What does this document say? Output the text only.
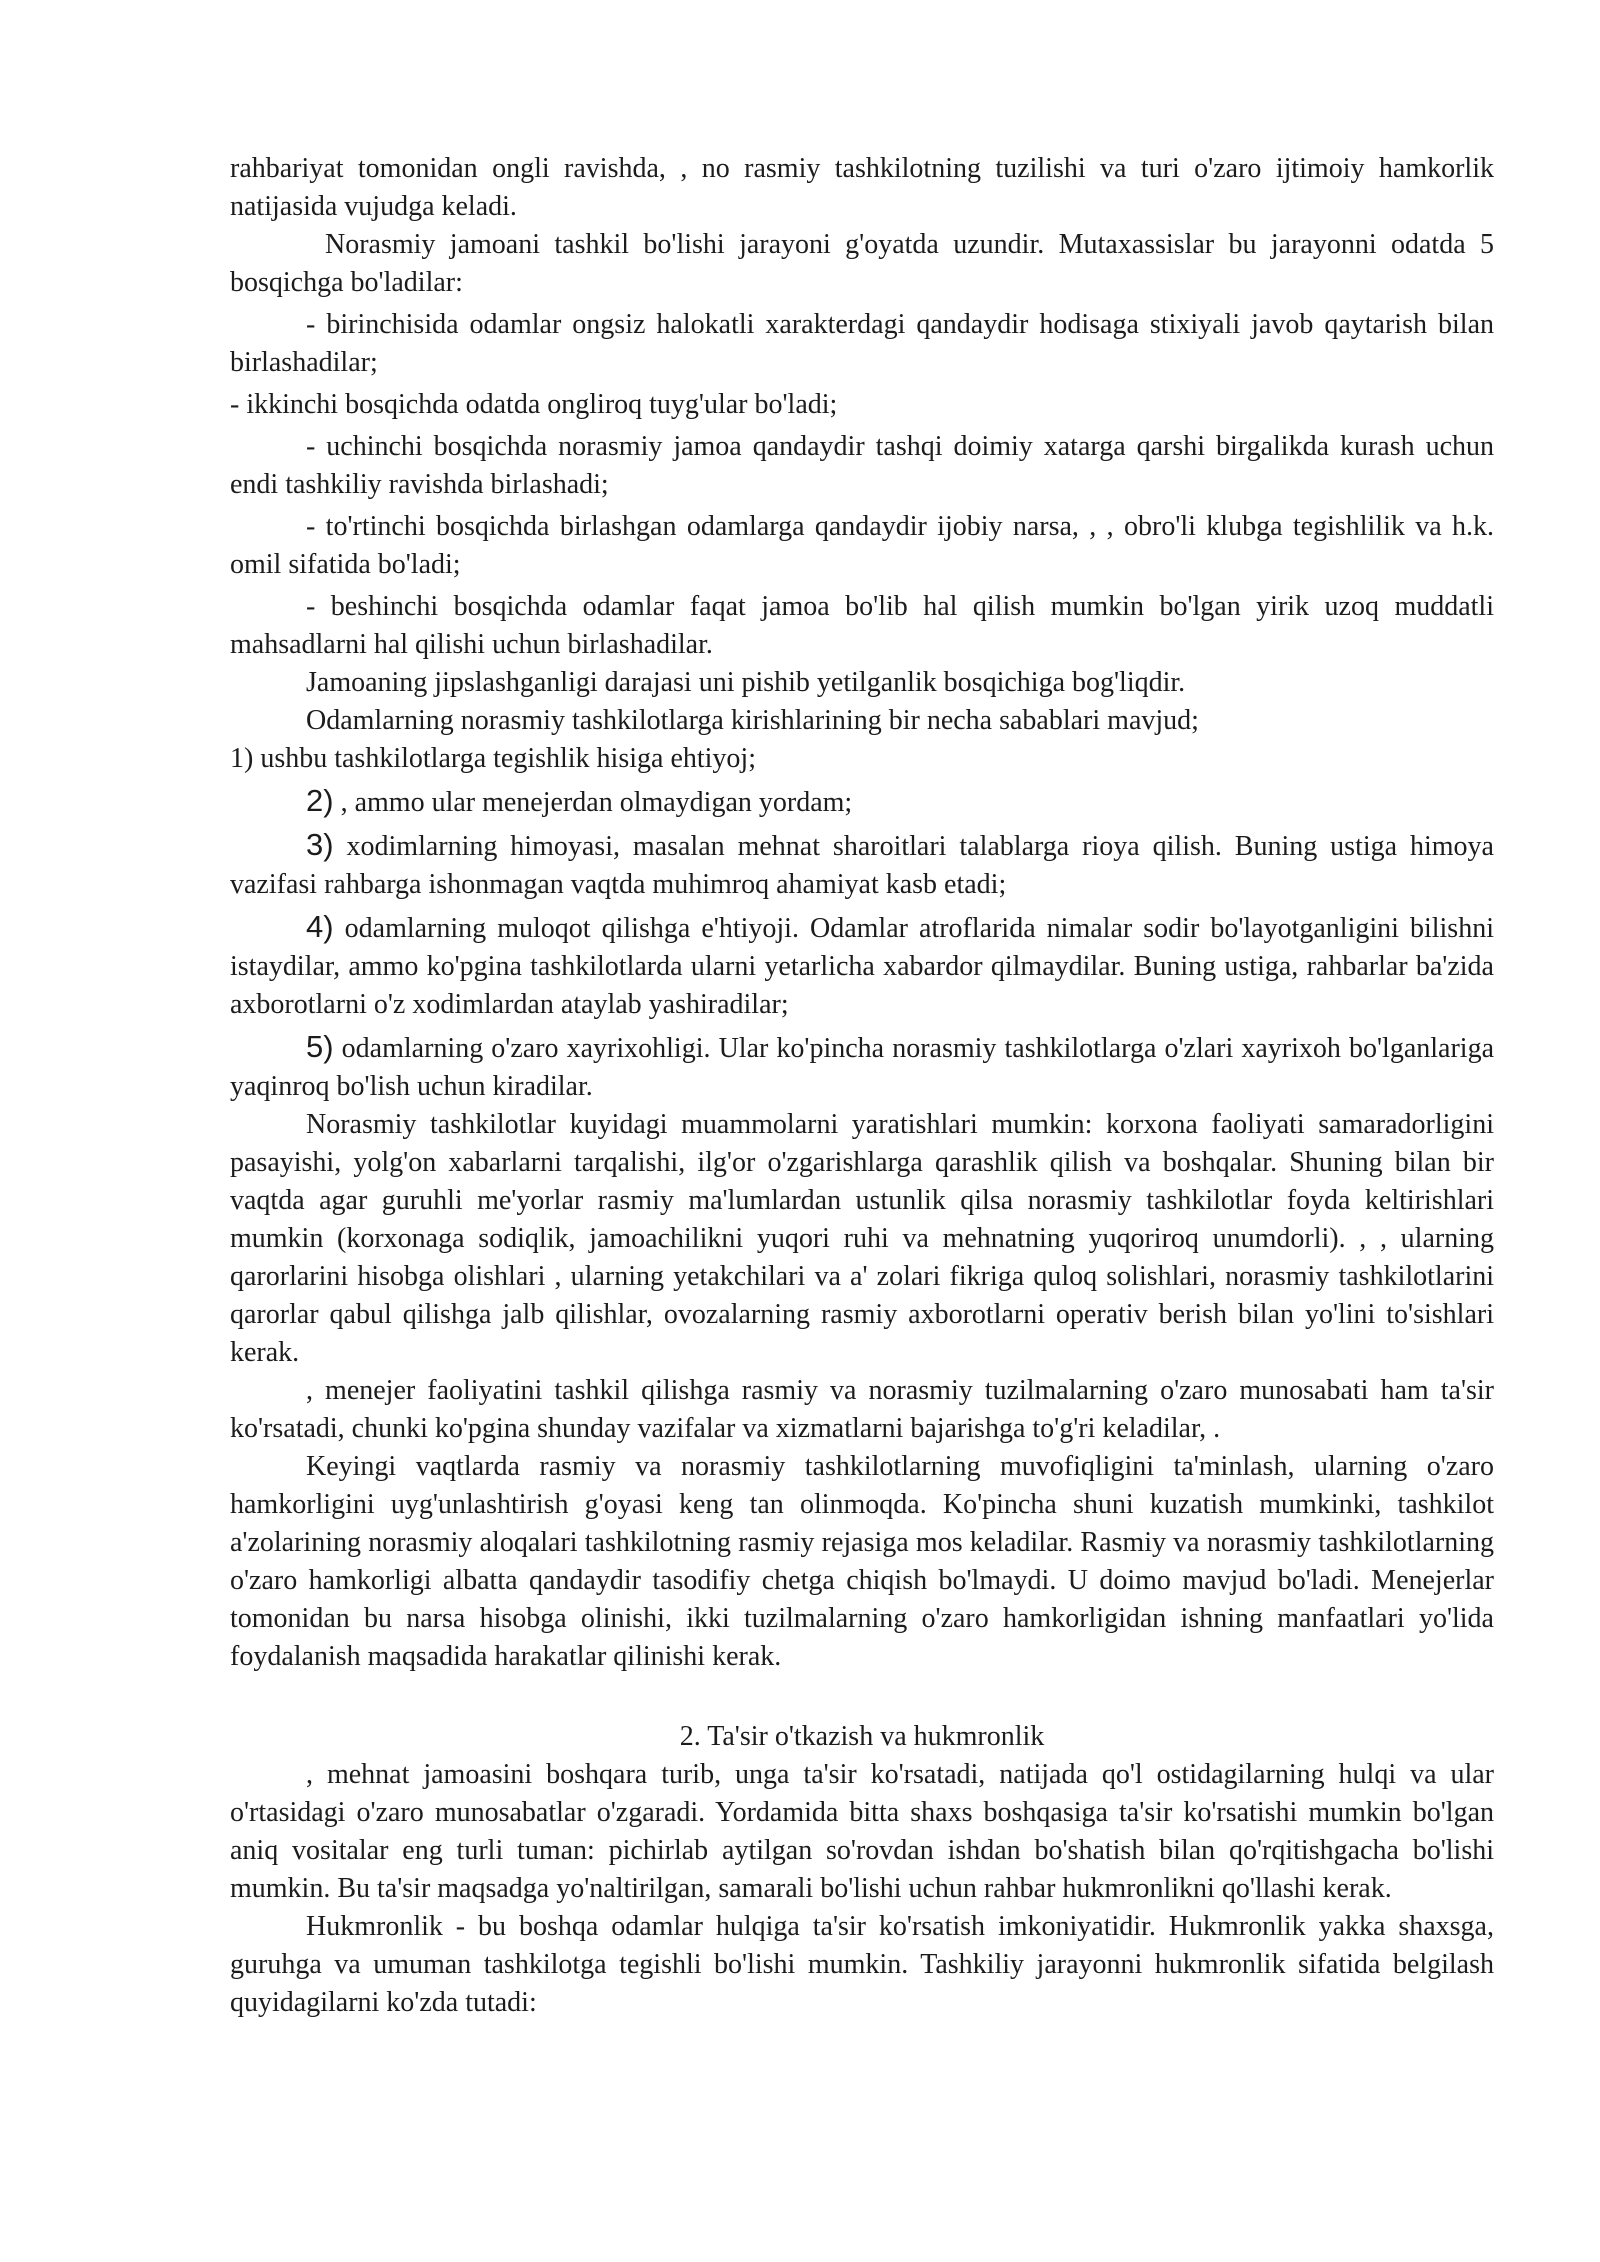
rahbariyat tomonidan ongli ravishda, , no rasmiy tashkilotning tuzilishi va turi o'zaro ijtimoiy hamkorlik natijasida vujudga keladi.

Norasmiy jamoani tashkil bo'lishi jarayoni g'oyatda uzundir. Mutaxassislar bu jarayonni odatda 5 bosqichga bo'ladilar:

- birinchisida odamlar ongsiz halokatli xarakterdagi qandaydir hodisaga stixiyali javob qaytarish bilan birlashadilar;

- ikkinchi bosqichda odatda ongliroq tuyg'ular bo'ladi;

- uchinchi bosqichda norasmiy jamoa qandaydir tashqi doimiy xatarga qarshi birgalikda kurash uchun endi tashkiliy ravishda birlashadi;

- to'rtinchi bosqichda birlashgan odamlarga qandaydir ijobiy narsa, , , obro'li klubga tegishlilik va h.k. omil sifatida bo'ladi;

- beshinchi bosqichda odamlar faqat jamoa bo'lib hal qilish mumkin bo'lgan yirik uzoq muddatli mahsadlarni hal qilishi uchun birlashadilar.

Jamoaning jipslashganligi darajasi uni pishib yetilganlik bosqichiga bog'liqdir.

Odamlarning norasmiy tashkilotlarga kirishlarining bir necha sabablari mavjud;

1) ushbu tashkilotlarga tegishlik hisiga ehtiyoj;

2) , ammo ular menejerdan olmaydigan yordam;

3) xodimlarning himoyasi, masalan mehnat sharoitlari talablarga rioya qilish. Buning ustiga himoya vazifasi rahbarga ishonmagan vaqtda muhimroq ahamiyat kasb etadi;

4) odamlarning muloqot qilishga e'htiyoji. Odamlar atroflarida nimalar sodir bo'layotganligini bilishni istaydilar, ammo ko'pgina tashkilotlarda ularni yetarlicha xabardor qilmaydilar. Buning ustiga, rahbarlar ba'zida axborotlarni o'z xodimlardan ataylab yashiradilar;

5) odamlarning o'zaro xayrixohligi. Ular ko'pincha norasmiy tashkilotlarga o'zlari xayrixoh bo'lganlariga yaqinroq bo'lish uchun kiradilar.

Norasmiy tashkilotlar kuyidagi muammolarni yaratishlari mumkin: korxona faoliyati samaradorligini pasayishi, yolg'on xabarlarni tarqalishi, ilg'or o'zgarishlarga qarashlik qilish va boshqalar. Shuning bilan bir vaqtda agar guruhli me'yorlar rasmiy ma'lumlardan ustunlik qilsa norasmiy tashkilotlar foyda keltirishlari mumkin (korxonaga sodiqlik, jamoachilikni yuqori ruhi va mehnatning yuqoriroq unumdorli). , , ularning qarorlarini hisobga olishlari , ularning yetakchilari va a' zolari fikriga quloq solishlari, norasmiy tashkilotlarini qarorlar qabul qilishga jalb qilishlar, ovozalarning rasmiy axborotlarni operativ berish bilan yo'lini to'sishlari kerak.

, menejer faoliyatini tashkil qilishga rasmiy va norasmiy tuzilmalarning o'zaro munosabati ham ta'sir ko'rsatadi, chunki ko'pgina shunday vazifalar va xizmatlarni bajarishga to'g'ri keladilar, .

Keyingi vaqtlarda rasmiy va norasmiy tashkilotlarning muvofiqligini ta'minlash, ularning o'zaro hamkorligini uyg'unlashtirish g'oyasi keng tan olinmoqda. Ko'pincha shuni kuzatish mumkinki, tashkilot a'zolarining norasmiy aloqalari tashkilotning rasmiy rejasiga mos keladilar. Rasmiy va norasmiy tashkilotlarning o'zaro hamkorligi albatta qandaydir tasodifiy chetga chiqish bo'lmaydi. U doimo mavjud bo'ladi. Menejerlar tomonidan bu narsa hisobga olinishi, ikki tuzilmalarning o'zaro hamkorligidan ishning manfaatlari yo'lida foydalanish maqsadida harakatlar qilinishi kerak.

2. Ta'sir o'tkazish va hukmronlik

, mehnat jamoasini boshqara turib, unga ta'sir ko'rsatadi, natijada qo'l ostidagilarning hulqi va ular o'rtasidagi o'zaro munosabatlar o'zgaradi. Yordamida bitta shaxs boshqasiga ta'sir ko'rsatishi mumkin bo'lgan aniq vositalar eng turli tuman: pichirlab aytilgan so'rovdan ishdan bo'shatish bilan qo'rqitishgacha bo'lishi mumkin. Bu ta'sir maqsadga yo'naltirilgan, samarali bo'lishi uchun rahbar hukmronlikni qo'llashi kerak.

Hukmronlik - bu boshqa odamlar hulqiga ta'sir ko'rsatish imkoniyatidir. Hukmronlik yakka shaxsga, guruhga va umuman tashkilotga tegishli bo'lishi mumkin. Tashkiliy jarayonni hukmronlik sifatida belgilash quyidagilarni ko'zda tutadi:
